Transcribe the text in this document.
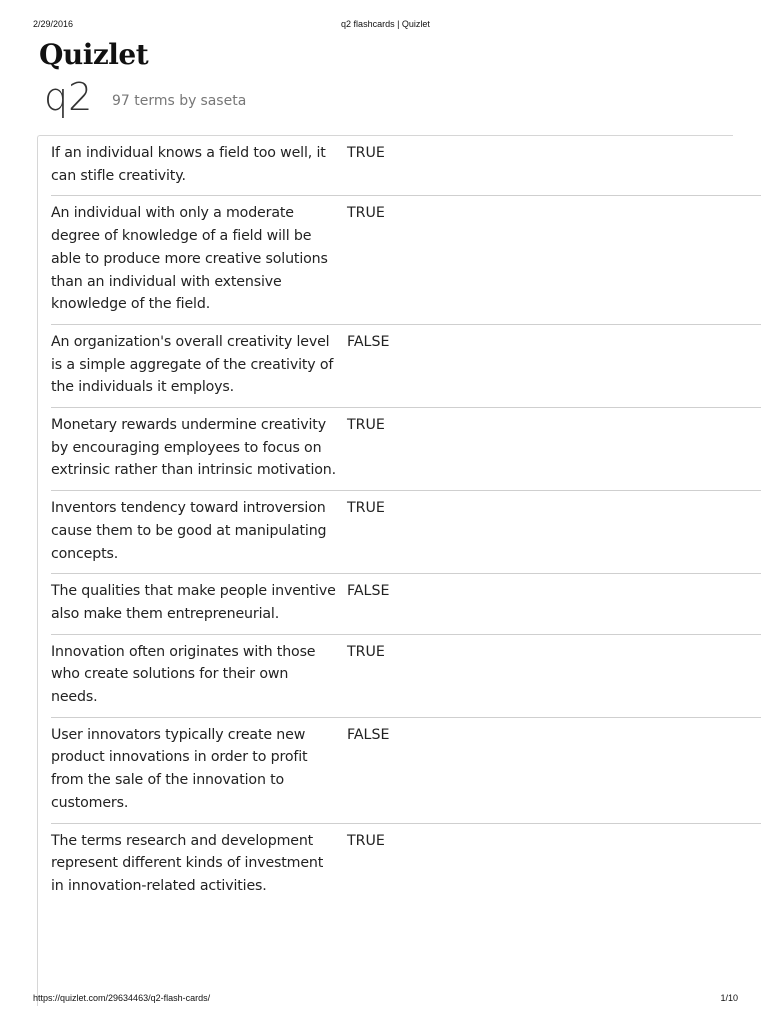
2/29/2016	q2 flashcards | Quizlet
Quizlet
q2 97 terms by saseta
If an individual knows a field too well, it can stifle creativity.
TRUE
An individual with only a moderate degree of knowledge of a field will be able to produce more creative solutions than an individual with extensive knowledge of the field.
TRUE
An organization's overall creativity level is a simple aggregate of the creativity of the individuals it employs.
FALSE
Monetary rewards undermine creativity by encouraging employees to focus on extrinsic rather than intrinsic motivation.
TRUE
Inventors tendency toward introversion cause them to be good at manipulating concepts.
TRUE
The qualities that make people inventive also make them entrepreneurial.
FALSE
Innovation often originates with those who create solutions for their own needs.
TRUE
User innovators typically create new product innovations in order to profit from the sale of the innovation to customers.
FALSE
The terms research and development represent different kinds of investment in innovation-related activities.
TRUE
https://quizlet.com/29634463/q2-flash-cards/	1/10
